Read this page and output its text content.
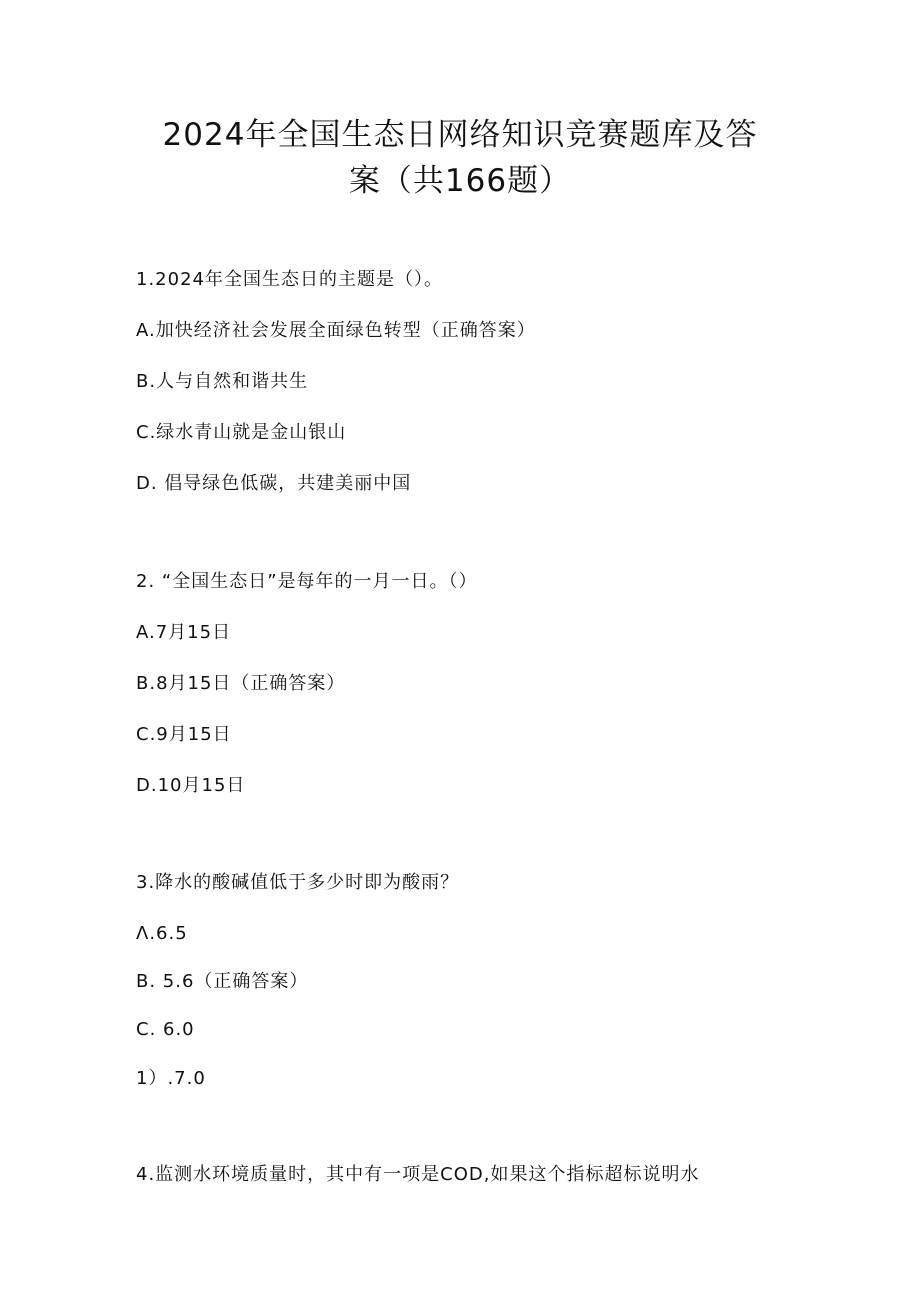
2024年全国生态日网络知识竞赛题库及答
案（共166题）

1.2024年全国生态日的主题是（）。

A.加快经济社会发展全面绿色转型（正确答案）

B.人与自然和谐共生

C.绿水青山就是金山银山

D. 倡导绿色低碳，共建美丽中国

2. “全国生态日”是每年的一月一日。（）

A.7月15日

B.8月15日（正确答案）

C.9月15日

D.10月15日

3.降水的酸碱值低于多少时即为酸雨？

Λ.6.5

B. 5.6（正确答案）

C. 6.0

1）.7.0

4.监测水环境质量时，其中有一项是COD,如果这个指标超标说明水
